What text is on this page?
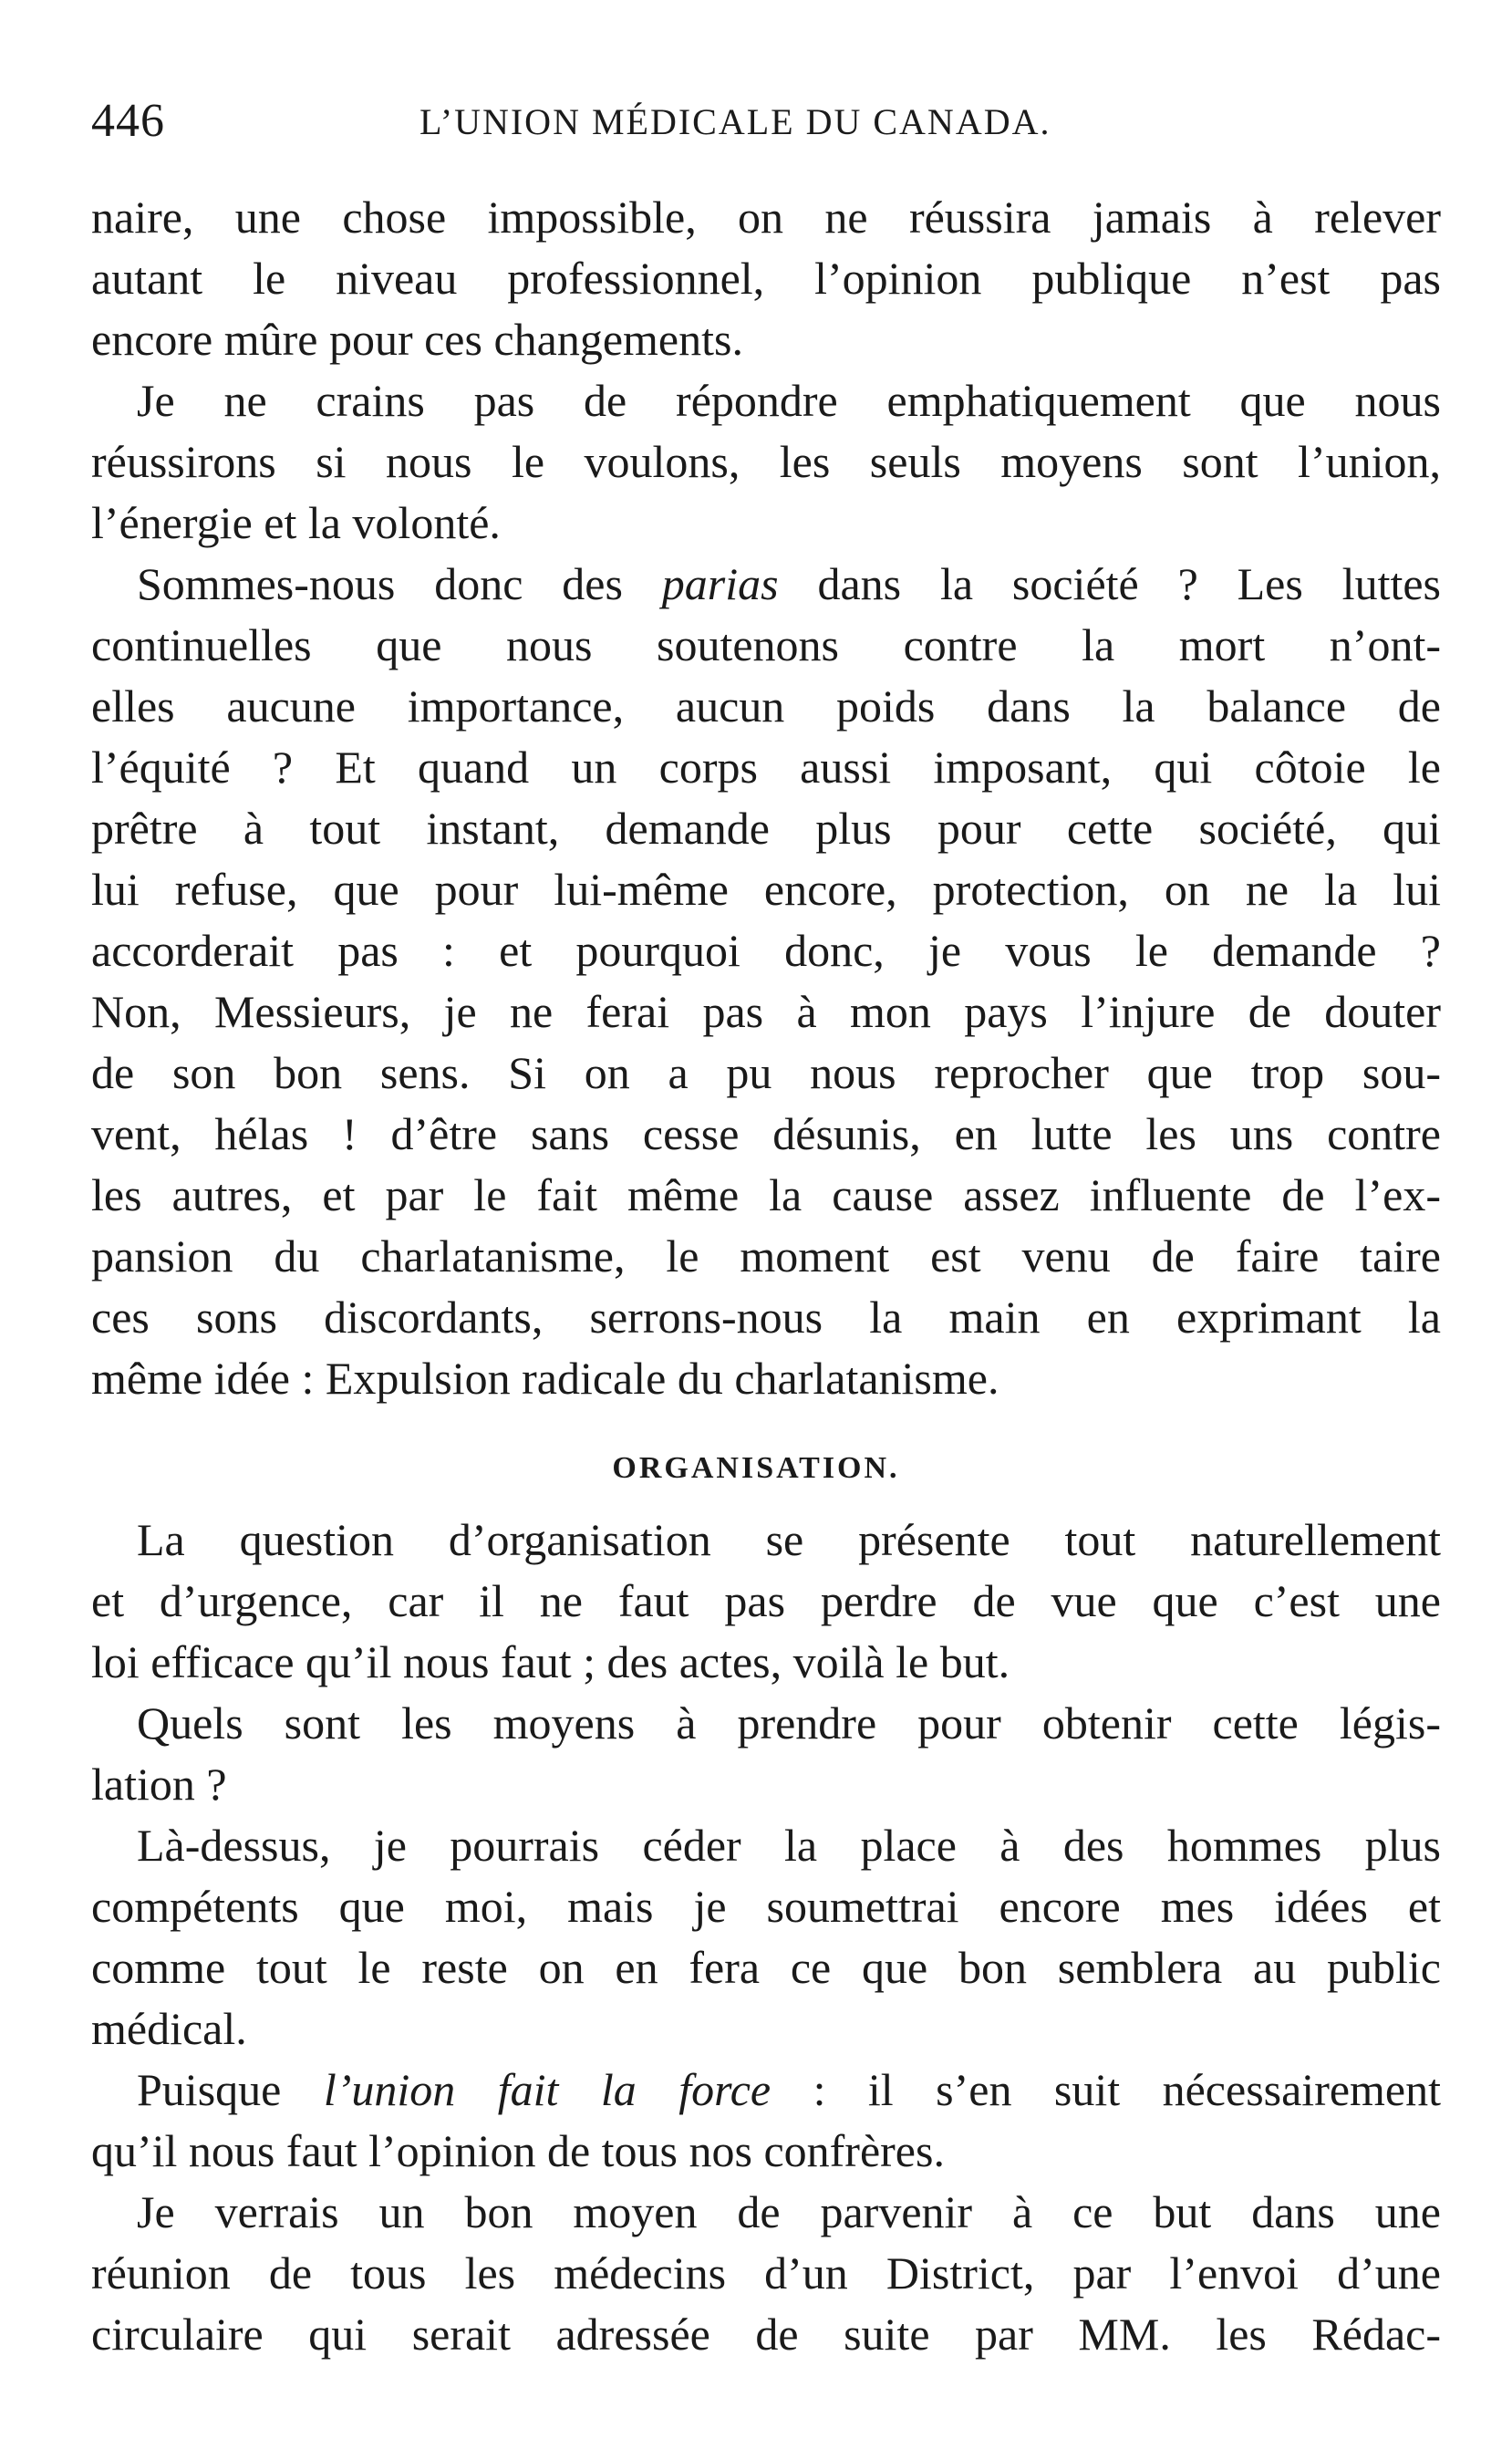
446	L’UNION MÉDICALE DU CANADA.
naire, une chose impossible, on ne réussira jamais à relever
autant le niveau professionnel, l’opinion publique n’est pas
encore mûre pour ces changements.
Je ne crains pas de répondre emphatiquement que nous
réussirons si nous le voulons, les seuls moyens sont l’union,
l’énergie et la volonté.
Sommes-nous donc des parias dans la société ? Les luttes
continuelles que nous soutenons contre la mort n’ont-
elles aucune importance, aucun poids dans la balance de
l’équité ? Et quand un corps aussi imposant, qui côtoie le
prêtre à tout instant, demande plus pour cette société, qui
lui refuse, que pour lui-même encore, protection, on ne la lui
accorderait pas : et pourquoi donc, je vous le demande ?
Non, Messieurs, je ne ferai pas à mon pays l’injure de douter
de son bon sens. Si on a pu nous reprocher que trop sou-
vent, hélas ! d’être sans cesse désunis, en lutte les uns contre
les autres, et par le fait même la cause assez influente de l’ex-
pansion du charlatanisme, le moment est venu de faire taire
ces sons discordants, serrons-nous la main en exprimant la
même idée : Expulsion radicale du charlatanisme.
ORGANISATION.
La question d’organisation se présente tout naturellement
et d’urgence, car il ne faut pas perdre de vue que c’est une
loi efficace qu’il nous faut ; des actes, voilà le but.
Quels sont les moyens à prendre pour obtenir cette légis-
lation ?
Là-dessus, je pourrais céder la place à des hommes plus
compétents que moi, mais je soumettrai encore mes idées et
comme tout le reste on en fera ce que bon semblera au public
médical.
Puisque l’union fait la force : il s’en suit nécessairement
qu’il nous faut l’opinion de tous nos confrères.
Je verrais un bon moyen de parvenir à ce but dans une
réunion de tous les médecins d’un District, par l’envoi d’une
circulaire qui serait adressée de suite par MM. les Rédac-
